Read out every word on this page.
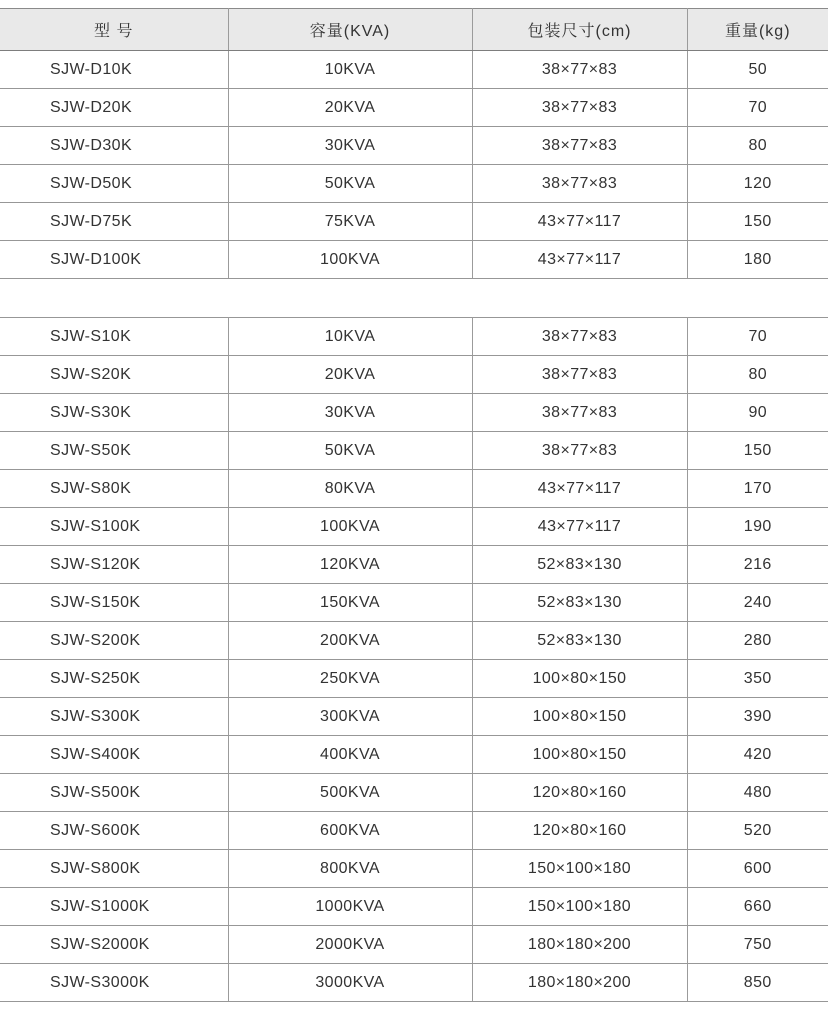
型 号	容量(KVA)	包装尺寸(cm)	重量(kg)
SJW-D10K	10KVA	38×77×83	50
SJW-D20K	20KVA	38×77×83	70
SJW-D30K	30KVA	38×77×83	80
SJW-D50K	50KVA	38×77×83	120
SJW-D75K	75KVA	43×77×117	150
SJW-D100K	100KVA	43×77×117	180
SJW-S10K	10KVA	38×77×83	70
SJW-S20K	20KVA	38×77×83	80
SJW-S30K	30KVA	38×77×83	90
SJW-S50K	50KVA	38×77×83	150
SJW-S80K	80KVA	43×77×117	170
SJW-S100K	100KVA	43×77×117	190
SJW-S120K	120KVA	52×83×130	216
SJW-S150K	150KVA	52×83×130	240
SJW-S200K	200KVA	52×83×130	280
SJW-S250K	250KVA	100×80×150	350
SJW-S300K	300KVA	100×80×150	390
SJW-S400K	400KVA	100×80×150	420
SJW-S500K	500KVA	120×80×160	480
SJW-S600K	600KVA	120×80×160	520
SJW-S800K	800KVA	150×100×180	600
SJW-S1000K	1000KVA	150×100×180	660
SJW-S2000K	2000KVA	180×180×200	750
SJW-S3000K	3000KVA	180×180×200	850
